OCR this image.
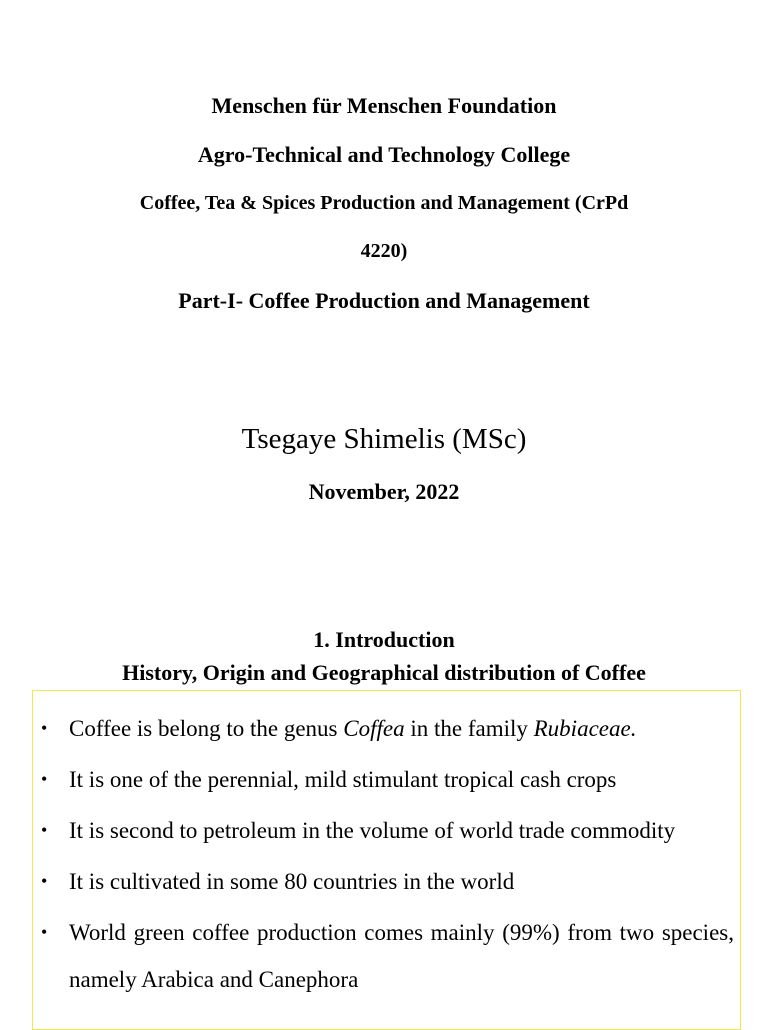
Menschen für Menschen Foundation
Agro-Technical and Technology College
Coffee, Tea & Spices Production and Management (CrPd
4220)
Part-I- Coffee Production and Management
Tsegaye Shimelis (MSc)
November, 2022
1. Introduction
History, Origin and Geographical distribution of Coffee
• Coffee is belong to the genus Coffea in the family Rubiaceae.
• It is one of the perennial, mild stimulant tropical cash crops
• It is second to petroleum in the volume of world trade commodity
• It is cultivated in some 80 countries in the world
• World green coffee production comes mainly (99%) from two species, namely Arabica and Canephora
